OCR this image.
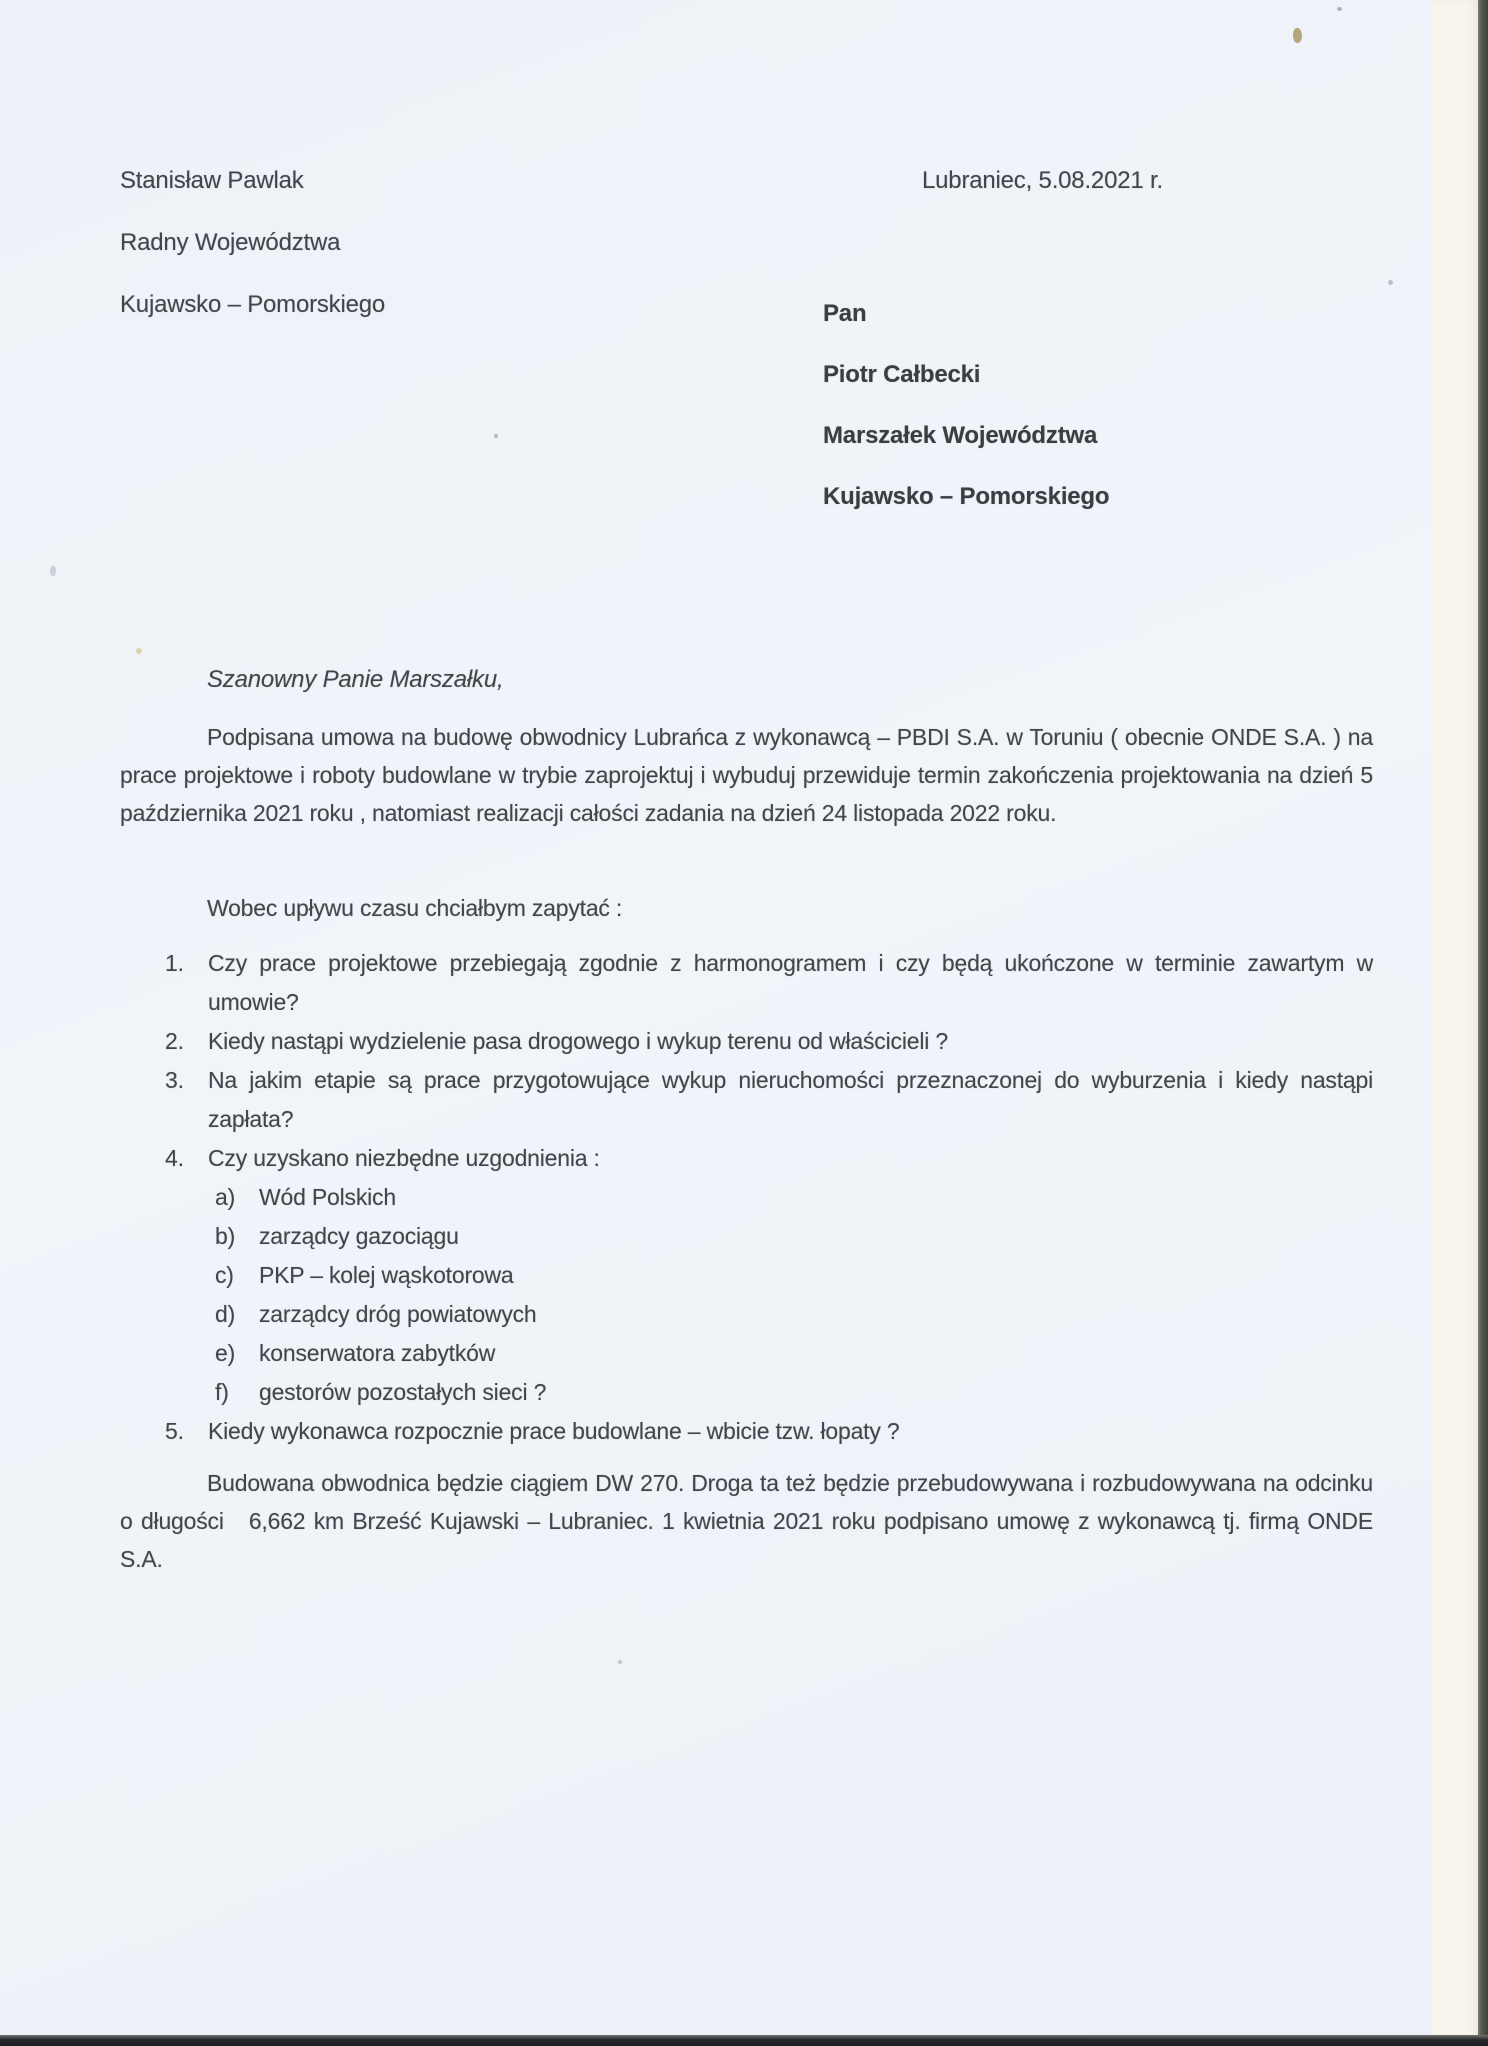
Stanisław Pawlak

Radny Województwa

Kujawsko – Pomorskiego

Lubraniec, 5.08.2021 r.

Pan

Piotr Całbecki

Marszałek Województwa

Kujawsko – Pomorskiego

Szanowny Panie Marszałku,

Podpisana umowa na budowę obwodnicy Lubrańca z wykonawcą – PBDI S.A. w Toruniu ( obecnie ONDE S.A. ) na prace projektowe i roboty budowlane w trybie zaprojektuj i wybuduj przewiduje termin zakończenia projektowania na dzień 5 października 2021 roku , natomiast realizacji całości zadania na dzień 24 listopada 2022 roku.

Wobec upływu czasu chciałbym zapytać :

1.	Czy prace projektowe przebiegają zgodnie z harmonogramem i czy będą ukończone w terminie zawartym w umowie?
2.	Kiedy nastąpi wydzielenie pasa drogowego i wykup terenu od właścicieli ?
3.	Na jakim etapie są prace przygotowujące wykup nieruchomości przeznaczonej do wyburzenia i kiedy nastąpi zapłata?
4.	Czy uzyskano niezbędne uzgodnienia :
a)	Wód Polskich
b)	zarządcy gazociągu
c)	PKP – kolej wąskotorowa
d)	zarządcy dróg powiatowych
e)	konserwatora zabytków
f)	gestorów pozostałych sieci ?
5.	Kiedy wykonawca rozpocznie prace budowlane – wbicie tzw. łopaty ?

Budowana obwodnica będzie ciągiem DW 270. Droga ta też będzie przebudowywana i rozbudowywana na odcinku o długości   6,662 km Brześć Kujawski – Lubraniec. 1 kwietnia 2021 roku podpisano umowę z wykonawcą tj. firmą ONDE S.A.
